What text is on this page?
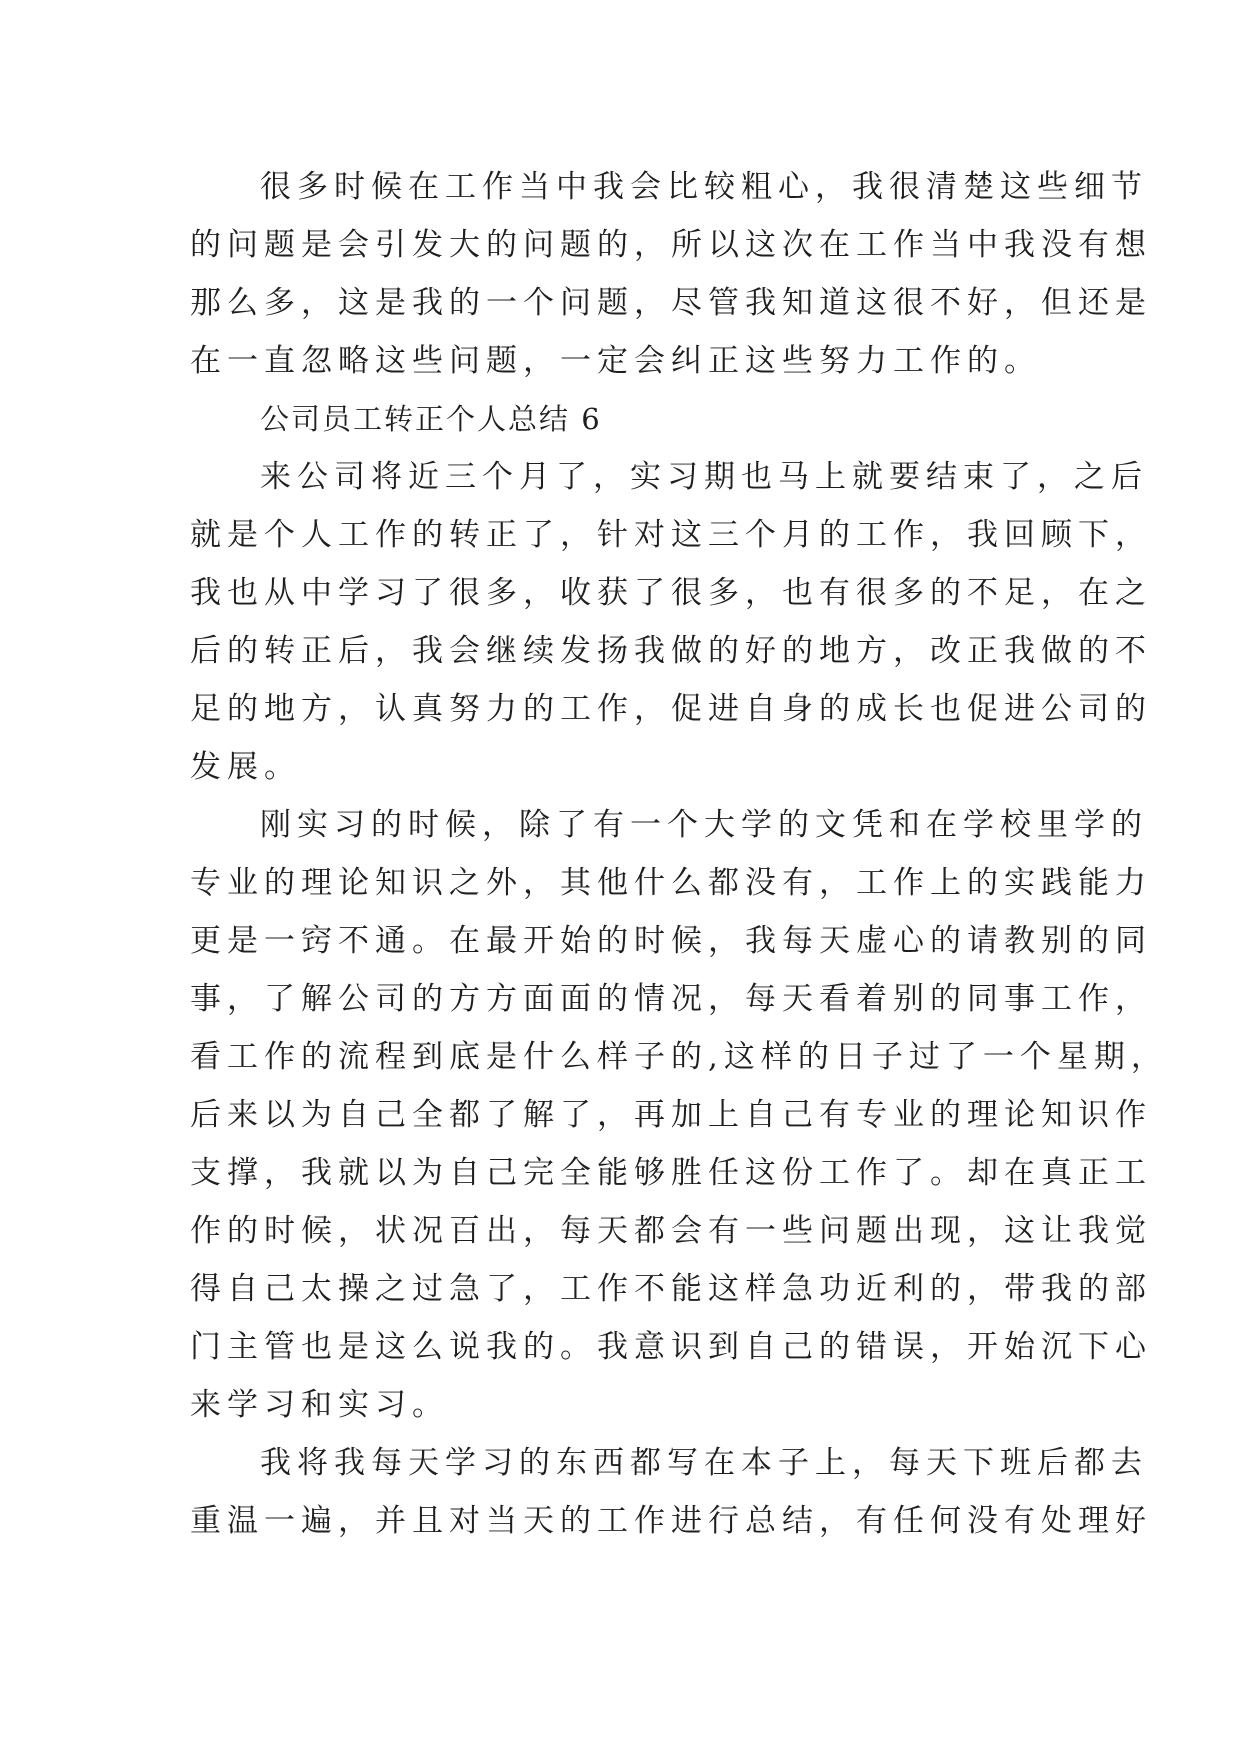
很多时候在工作当中我会比较粗心，我很清楚这些细节
的问题是会引发大的问题的，所以这次在工作当中我没有想
那么多，这是我的一个问题，尽管我知道这很不好，但还是
在一直忽略这些问题，一定会纠正这些努力工作的。
公司员工转正个人总结 6
来公司将近三个月了，实习期也马上就要结束了，之后
就是个人工作的转正了，针对这三个月的工作，我回顾下，
我也从中学习了很多，收获了很多，也有很多的不足，在之
后的转正后，我会继续发扬我做的好的地方，改正我做的不
足的地方，认真努力的工作，促进自身的成长也促进公司的
发展。
刚实习的时候，除了有一个大学的文凭和在学校里学的
专业的理论知识之外，其他什么都没有，工作上的实践能力
更是一窍不通。在最开始的时候，我每天虚心的请教别的同
事，了解公司的方方面面的情况，每天看着别的同事工作，
看工作的流程到底是什么样子的,这样的日子过了一个星期，
后来以为自己全都了解了，再加上自己有专业的理论知识作
支撑，我就以为自己完全能够胜任这份工作了。却在真正工
作的时候，状况百出，每天都会有一些问题出现，这让我觉
得自己太操之过急了，工作不能这样急功近利的，带我的部
门主管也是这么说我的。我意识到自己的错误，开始沉下心
来学习和实习。
我将我每天学习的东西都写在本子上，每天下班后都去
重温一遍，并且对当天的工作进行总结，有任何没有处理好
